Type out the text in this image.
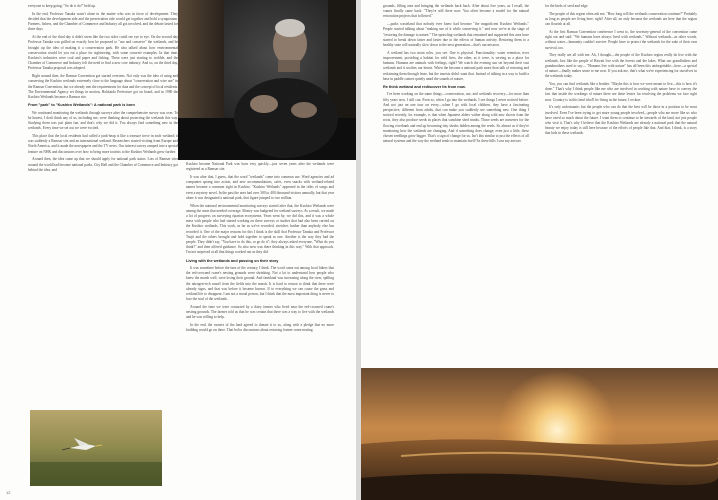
everyone to keep going: "So do it do!" held up.

In the end, Professor Tanaka wasn't alone in the matter who was in favor of development. They decided that the development side and the preservation side would get together and hold a symposium. Farmers, fishers, and the Chamber of Commerce and Industry all got involved, and the debate lasted for three days.

At the end of the third day it didn't seem like the two sides could see eye to eye. On the second day Professor Tanaka was grilled on exactly how he proposed to "use and conserve" the wetlands, and he brought up the idea of making it a conservation park. He also talked about how environmental conservation would let you eat a place for sightseeing, with some concrete examples. In that time, Kushiro's industries were coal and paper and fishing. These were just starting to wobble, and the Chamber of Commerce and Industry felt the need to find a new core industry. And so, on the third day, Professor Tanaka proposal was adopted.

Right around then, the Ramsar Convention got started overseas. Not only was the idea of using and conserving the Kushiro wetlands extremely close to the language about "conservation and wise use" in the Ramsar Convention, but we already met the requirements for data and the concept of local residents. The Environmental Agency set things in motion, Hokkaido Prefecture got on board, and in 1980 the Kushiro Wetlands became a Ramsar site.

From "park" to "Kushiro Wetlands": A national park is born

We continued monitoring the wetlands through surveys after the comprehensive survey was over. To be honest, I don't think any of us, including me, were thinking about protecting the wetlands this way. Studying them was just plain fun, and that's why we did it. You always find something new in the wetlands. Every time we set out we were excited.

This place that the local residents had called a junk-heap is like a treasure trove in each wetland; it was suddenly a Ramsar site and an international wetland. Researchers started visiting from Europe and North America, and it made the newspapers and the TV news. Our interest survey ramped into a special feature on NHK and discussions over how to bring more tourists to the Kushiro Wetlands grew further.

Around then, the idea came up that we should apply for national park status. Lots of Ramsar sites around the world had become national parks. City Hall and the Chamber of Commerce and Industry got behind the idea, and

Kushiro became National Park was born very quickly—just seven years after the wetlands were registered as a Ramsar site.

It was after that, I guess, that the word "wetlands" came into common use. Word agencies and ad companies sprang into action, and new accommodations, cafes, even snacks with wetland-related names became a common sight in Kushiro. "Kushiro Wetlands" appeared in the titles of songs and even a mystery novel. In the past the area had over 300 to 400 thousand visitors annually, but that year alone it was designated a national park, that figure jumped to two million.

When the national environmental monitoring surveys started after that, the Kushiro Wetlands were among the areas that needed coverage. Money was budgeted for wetland surveys. As a result, we made a lot of progress on surveying riparian ecosystems. Years went by, we did this, and it was a whole mess with people who had started working on these surveys or studies that had also been carried on the Kushiro wetlands. This work, as far as we've recorded, stretches further than anybody else has recorded it. One of the major reasons for this I think is the skill that Professor Tanaka and Professor Tsujii and the others brought and hold together to speak as one. Another is the way they had the people. They didn't say, "You have to do this, or go do it"; they always asked everyone, "What do you think?" and then offered guidance. So also now was there thinking in this way." With that approach, I'm not surprised at all that things worked out as they did.

Living with the wetlands and passing on their story

It was sometime before the turn of the century, I think. The word came out among local hikers that the red-crowned crane's nesting grounds were shrinking. Not a lot to understand how people who knew the marsh well, were losing their ground. And farmland was increasing along the river, spilling the nitrogen-rich runoff from the fields into the marsh. It is hard to reason to think that there were already signs, and that was before it became known. If to everything we can cause the grass and wetland life to disappear. I am not a moral person, but I think that the most important thing is never to lose the soul of the wetlands.

Around the time we were contacted by a dairy farmer who lived near the red-crowned crane's nesting grounds. The farmer told us that he was certain that there was a way to live with the wetlands and he was willing to help.

In the end, the owners of the land agreed to donate it to us, along with a pledge that no more building would go on there. That led to discussions about restoring former crane nesting

12

grounds, filling area and bringing the wetlands back back. After about five years, as I recall, the cranes finally came back. "They're still there now. You often become a model for the natural restoration projects that followed."

—parks wasteland that nobody ever knew had become "the magnificent Kushiro Wetlands." People started talking about "making use of it while conserving it," and now we're at the stage of "restoring the damage to nature." The sprawling wetlands that remained and supported this area have started to break down faster and faster due to the effects of human activity. Restoring them to a healthy state will naturally slow down to the next generation—that's our mission.

A wetland has two main roles, you see. One is physical. Functionality: water retention, river improvement, providing a habitat for wild lives, the other, as it were, is serving as a place for humans. Humans are animals with feelings, right? We watch the evening sun set beyond their vast wetlands and it soothes our hearts. When the become a national park more than talk of restoring and reclaiming them through lease, but the tourists didn't want that. Instead of talking in a way to build a base in paddle canoes quietly amid the sounds of nature.

Re think wetland and rediscover its from now.

I've been working on the same things—conservation, use, and wetlands recovery—for more than fifty years now. I still can. Even so, when I go into the wetlands, I see things I never noticed before. And not just on one tour on every—when I go with local children, they have a fascinating perspective, different from adults, that can make you suddenly see something new. One thing I noticed recently, for example, is that when Japanese alders wither along with new shoots from the roots, they also produce seeds in places that sunshine shed trunks. Those seeds are nurseries for the flowing riverbank and end up becoming tiny shrubs hidden among the reeds. So almost as if they're monitoring how the wetlands are changing. And if something does change, even just a little, these chosen seedlings grow bigger. That's a sign of change for us. Isn't this similar to just the effects of all natural systems and the way the wetland tends to maintain itself? In these hills I saw my answer.

for the birds of seed and edge.

The people of this region often ask me, "How long will the wetlands conservation continue?" Probably as long as people are living here, right? After all, no only because the wetlands are here that the region can flourish at all.

At the first Ramsar Convention conference I went to, the secretary-general of the convention came right out and said: "We humans have always lived with wetlands." Without wetlands—in other words, without water—humanity couldn't survive. People have to protect the wetlands for the sake of their own survival, too.

They really are all with me. Ah, I thought—the people of the Kushiro region really do live with the wetlands. Just like the people of Hawaii live with the forests and the lakes. What our grandfathers and grandmothers used to say— "Humans live with nature" has all been this unforgettable—here—a special of nature—finally makes sense to me now. If you ask me, that's what we're experiencing for ourselves in the wetlands today.

You, you can find wetlands like a brother. "Maybe this is how we were meant to live—this is how it's done." That's why I think people like me who are involved in working with nature have to convey the fact that inside the workings of nature there are these lenses for resolving the problems we face right now. Country is in this land who'll be living in the future, I reckon.

It's only unfortunate; but the people who can do that the best will be those in a position to be most involved. Even I've been trying to get more young people involved—people who are more like us who have cared so much about the future. I want them to continue to be stewards of the land, not just people who visit it. That's why I believe that the Kushiro Wetlands are already a national park that the natural beauty we enjoy today is still here because of the efforts of people like that. And that, I think, is a story that kids in these wetlands.
